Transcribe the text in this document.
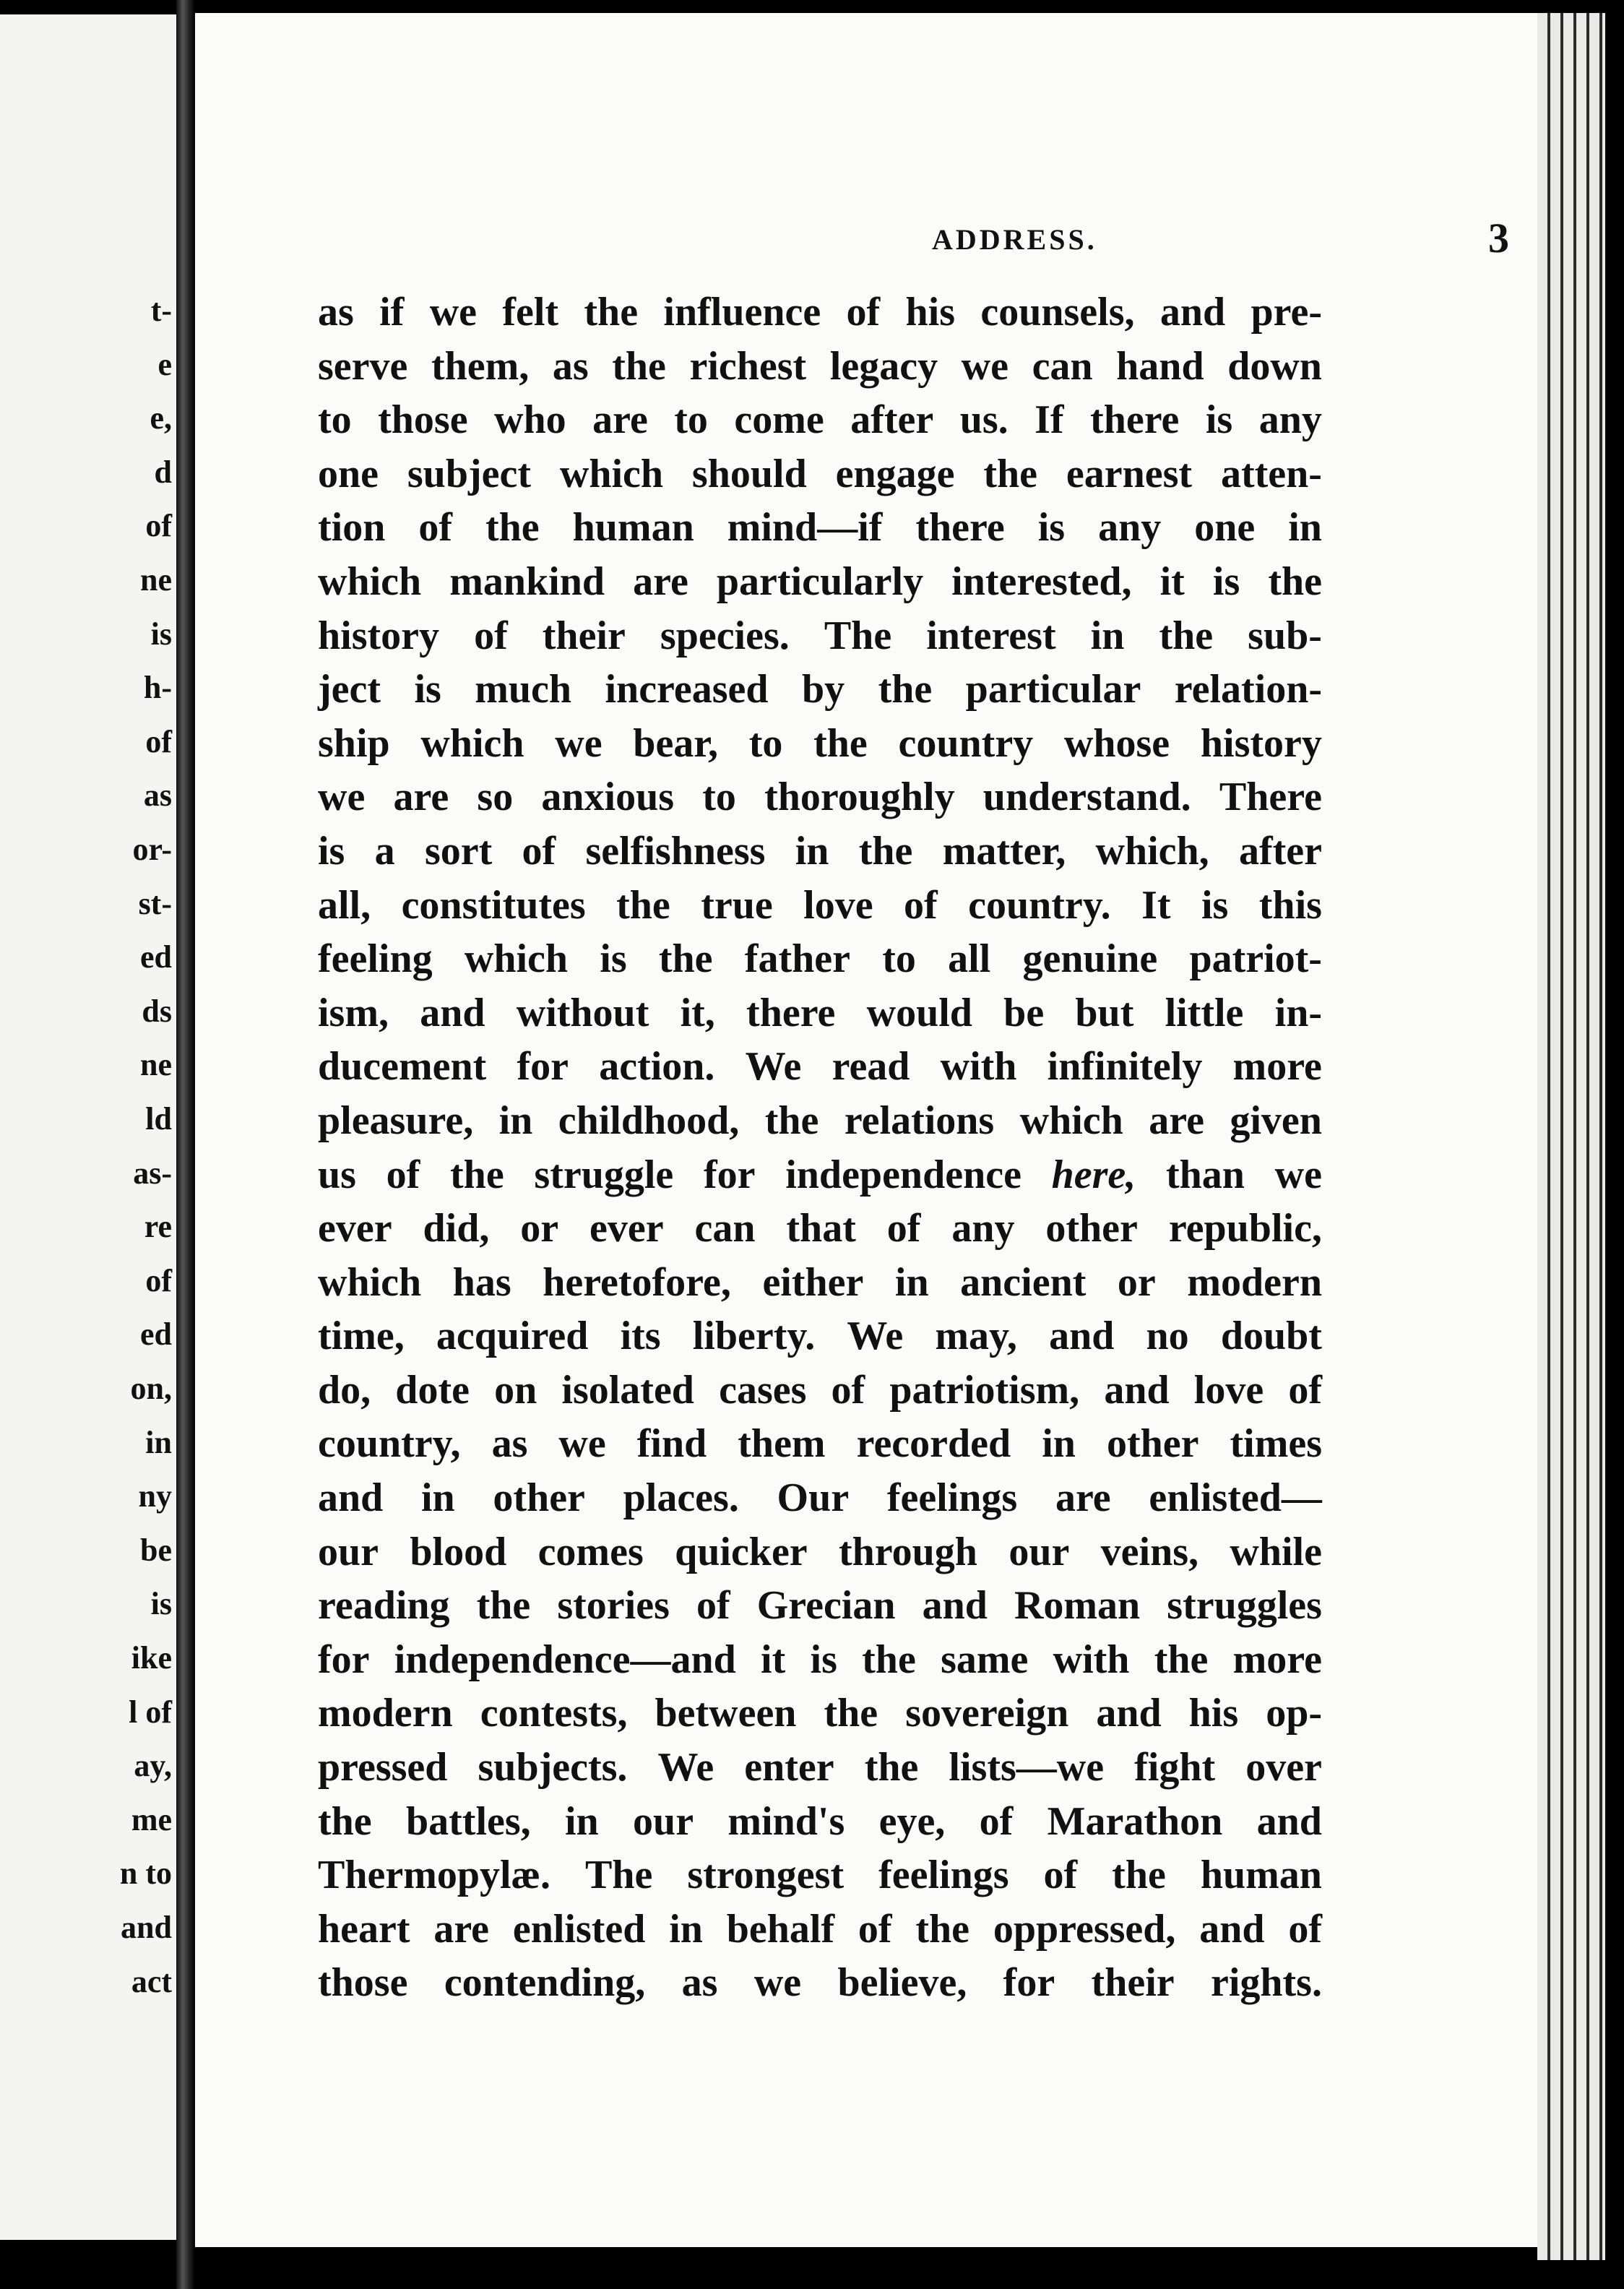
t-

e

e,

d

of

ne

is

h-

of

as

or-

st-

ed

ds

ne

ld

as-

re

of

ed

on,

in

ny

be

is

ike

l of

ay,

me

n to

and

act

ADDRESS.	3

as if we felt the influence of his counsels, and pre-
serve them, as the richest legacy we can hand down
to those who are to come after us. If there is any
one subject which should engage the earnest atten-
tion of the human mind—if there is any one in
which mankind are particularly interested, it is the
history of their species. The interest in the sub-
ject is much increased by the particular relation-
ship which we bear, to the country whose history
we are so anxious to thoroughly understand. There
is a sort of selfishness in the matter, which, after
all, constitutes the true love of country. It is this
feeling which is the father to all genuine patriot-
ism, and without it, there would be but little in-
ducement for action. We read with infinitely more
pleasure, in childhood, the relations which are given
us of the struggle for independence here, than we
ever did, or ever can that of any other republic,
which has heretofore, either in ancient or modern
time, acquired its liberty. We may, and no doubt
do, dote on isolated cases of patriotism, and love of
country, as we find them recorded in other times
and in other places. Our feelings are enlisted—
our blood comes quicker through our veins, while
reading the stories of Grecian and Roman struggles
for independence—and it is the same with the more
modern contests, between the sovereign and his op-
pressed subjects. We enter the lists—we fight over
the battles, in our mind's eye, of Marathon and
Thermopylæ. The strongest feelings of the human
heart are enlisted in behalf of the oppressed, and of
those contending, as we believe, for their rights.
